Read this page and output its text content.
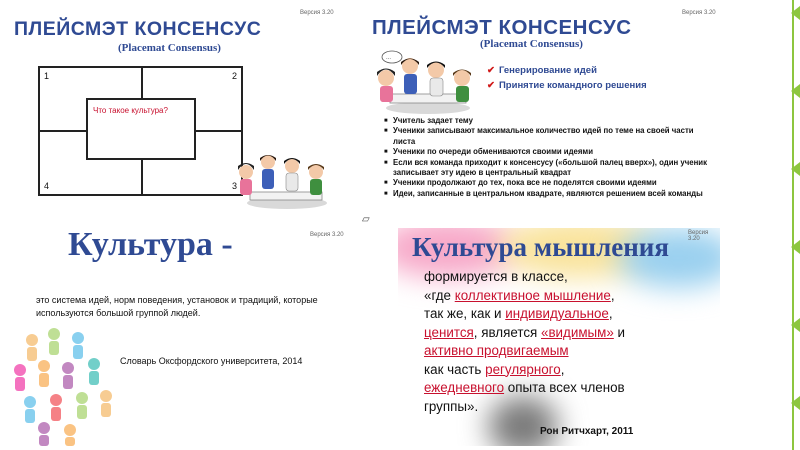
Версия 3.20
ПЛЕЙСМЭТ КОНСЕНСУС
(Placemat Consensus)
1	2
4	3
Что такое культура?
Версия 3.20
ПЛЕЙСМЭТ КОНСЕНСУС
(Placemat Consensus)
...
✔ Генерирование идей
✔ Принятие командного решения
■ Учитель задает тему
■ Ученики записывают максимальное количество идей по теме на своей части листа
■ Ученики по очереди обмениваются своими идеями
■ Если вся команда приходит к консенсусу («большой палец вверх»), один ученик записывает эту идею в центральный квадрат
■ Ученики продолжают до тех, пока все не поделятся своими идеями
■ Идеи, записанные в центральном квадрате, являются решением всей команды
▱
Версия 3.20
Культура -
это система идей, норм поведения, установок и традиций, которые используются большой группой людей.
Словарь Оксфордского университета, 2014
Версия 3.20
Культура мышления
формируется в классе,
«где коллективное мышление,
так же, как и индивидуальное,
ценится, является «видимым» и
активно продвигаемым
как часть регулярного,
ежедневного опыта всех членов
группы».
Рон Ритчхарт, 2011
